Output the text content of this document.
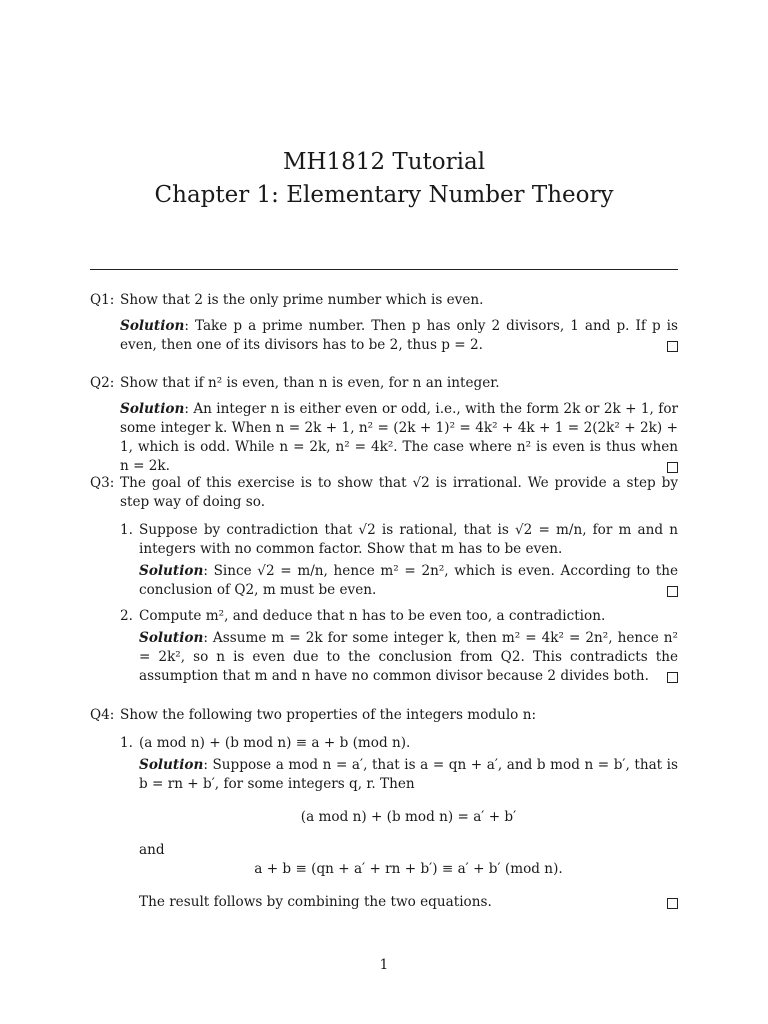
MH1812 Tutorial
Chapter 1: Elementary Number Theory
Q1: Show that 2 is the only prime number which is even.

Solution: Take p a prime number. Then p has only 2 divisors, 1 and p. If p is even, then one of its divisors has to be 2, thus p = 2.
Q2: Show that if n² is even, than n is even, for n an integer.

Solution: An integer n is either even or odd, i.e., with the form 2k or 2k + 1, for some integer k. When n = 2k + 1, n² = (2k + 1)² = 4k² + 4k + 1 = 2(2k² + 2k) + 1, which is odd. While n = 2k, n² = 4k². The case where n² is even is thus when n = 2k.
Q3: The goal of this exercise is to show that √2 is irrational. We provide a step by step way of doing so.

1. Suppose by contradiction that √2 is rational, that is √2 = m/n, for m and n integers with no common factor. Show that m has to be even.
Solution: Since √2 = m/n, hence m² = 2n², which is even. According to the conclusion of Q2, m must be even.
2. Compute m², and deduce that n has to be even too, a contradiction.
Solution: Assume m = 2k for some integer k, then m² = 4k² = 2n², hence n² = 2k², so n is even due to the conclusion from Q2. This contradicts the assumption that m and n have no common divisor because 2 divides both.
Q4: Show the following two properties of the integers modulo n:

1. (a mod n) + (b mod n) ≡ a + b (mod n).
Solution: Suppose a mod n = a′, that is a = qn + a′, and b mod n = b′, that is b = rn + b′, for some integers q, r. Then
(a mod n) + (b mod n) = a′ + b′
and
a + b ≡ (qn + a′ + rn + b′) ≡ a′ + b′ (mod n).
The result follows by combining the two equations.
1
